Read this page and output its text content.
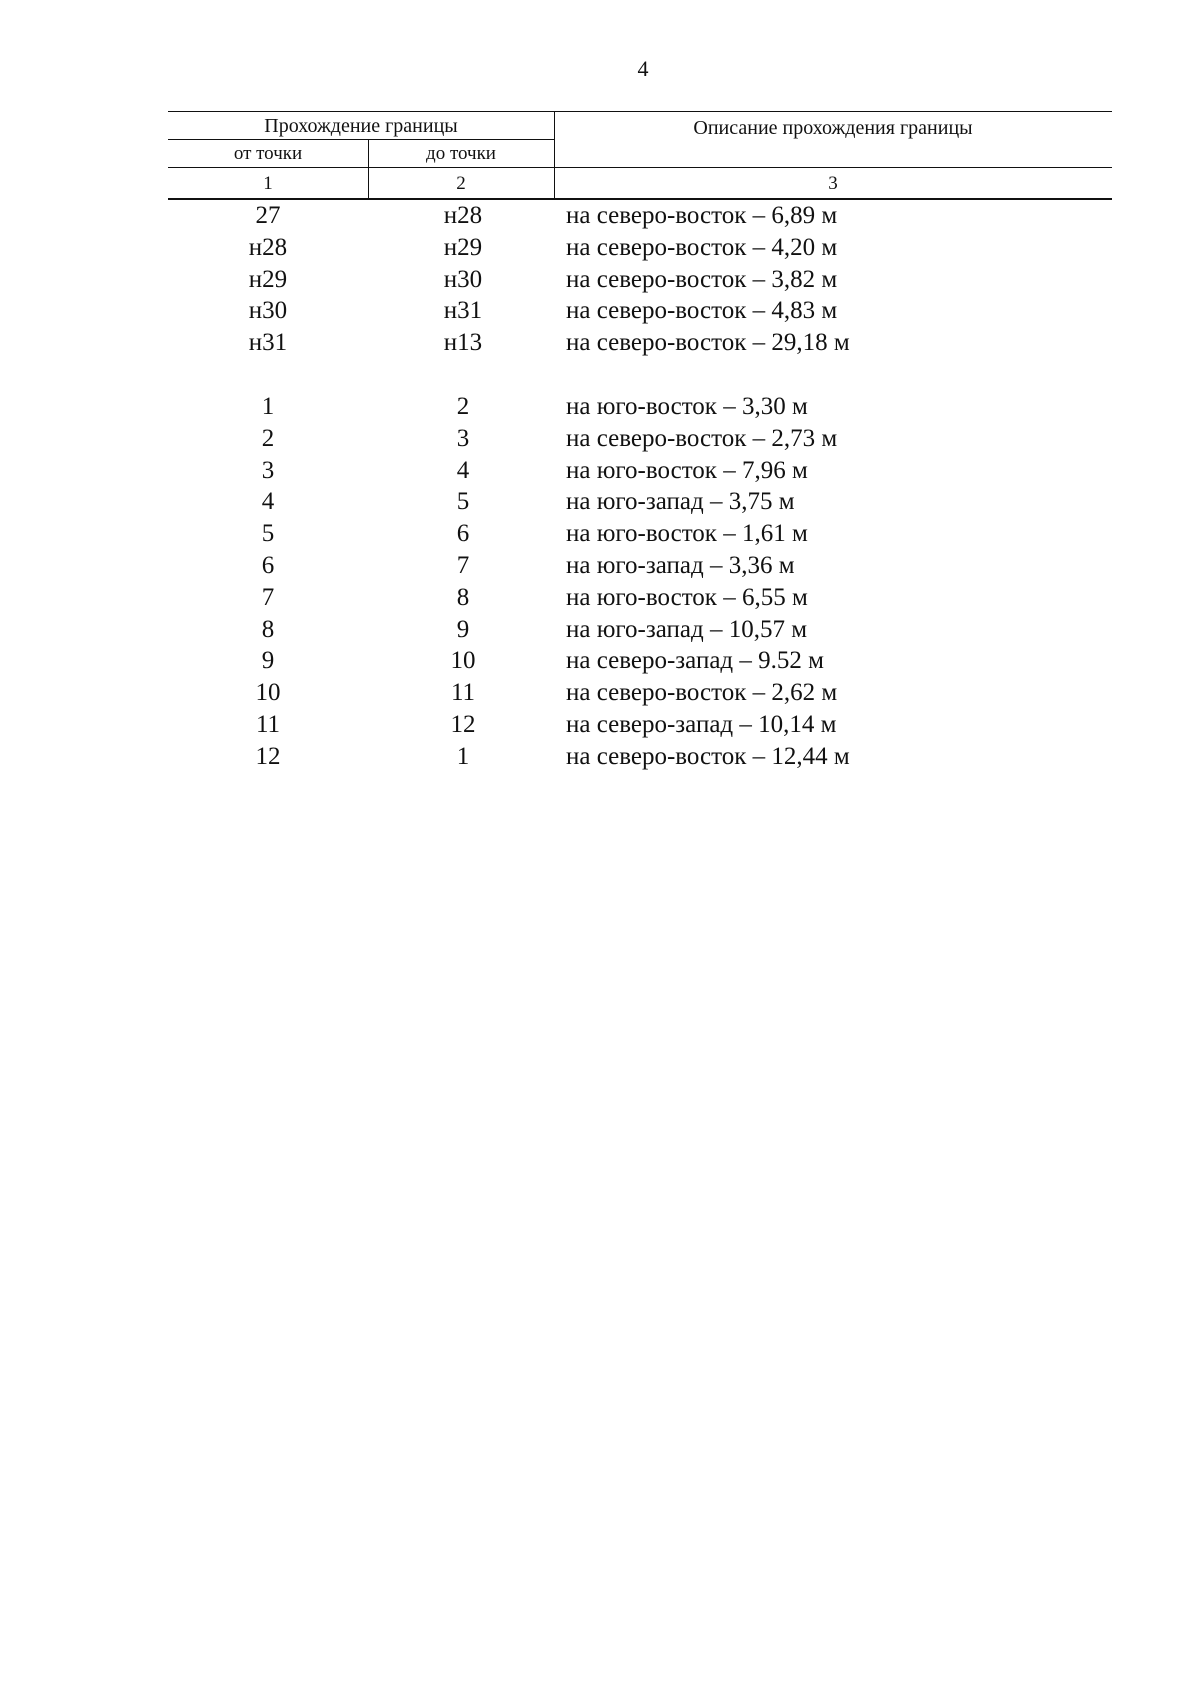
4
Прохождение границы
от точки	до точки
Описание прохождения границы
1	2	3
27	н28	на северо-восток – 6,89 м
н28	н29	на северо-восток – 4,20 м
н29	н30	на северо-восток – 3,82 м
н30	н31	на северо-восток – 4,83 м
н31	н13	на северо-восток – 29,18 м
1	2	на юго-восток – 3,30 м
2	3	на северо-восток – 2,73 м
3	4	на юго-восток – 7,96 м
4	5	на юго-запад – 3,75 м
5	6	на юго-восток – 1,61 м
6	7	на юго-запад – 3,36 м
7	8	на юго-восток – 6,55 м
8	9	на юго-запад – 10,57 м
9	10	на северо-запад – 9.52 м
10	11	на северо-восток – 2,62 м
11	12	на северо-запад – 10,14 м
12	1	на северо-восток – 12,44 м
